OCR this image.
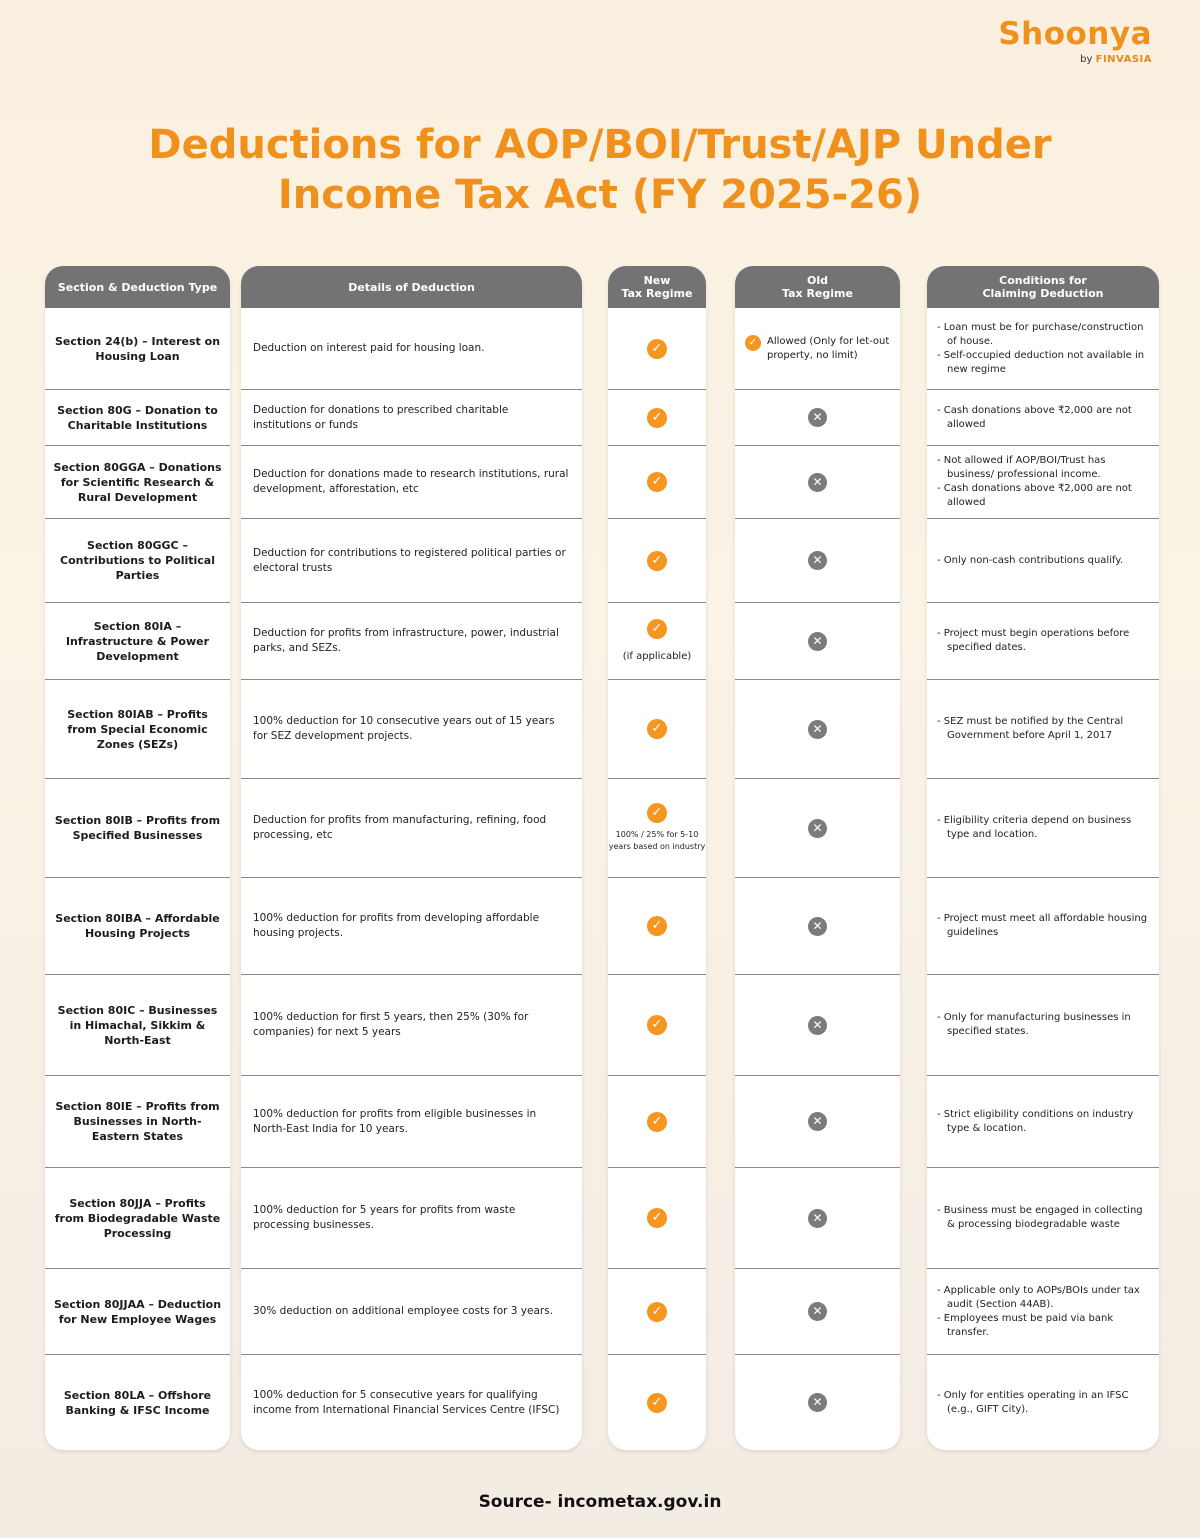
Shoonya
by FINVASIA
Deductions for AOP/BOI/Trust/AJP Under
Income Tax Act (FY 2025-26)
Section & Deduction Type
Section 24(b) – Interest on Housing Loan
Section 80G – Donation to Charitable Institutions
Section 80GGA – Donations for Scientific Research & Rural Development
Section 80GGC – Contributions to Political Parties
Section 80IA – Infrastructure & Power Development
Section 80IAB – Profits from Special Economic Zones (SEZs)
Section 80IB – Profits from Specified Businesses
Section 80IBA – Affordable Housing Projects
Section 80IC – Businesses in Himachal, Sikkim & North-East
Section 80IE – Profits from Businesses in North-Eastern States
Section 80JJA – Profits from Biodegradable Waste Processing
Section 80JJAA – Deduction for New Employee Wages
Section 80LA – Offshore Banking & IFSC Income
Details of Deduction
Deduction on interest paid for housing loan.
Deduction for donations to prescribed charitable institutions or funds
Deduction for donations made to research institutions, rural development, afforestation, etc
Deduction for contributions to registered political parties or electoral trusts
Deduction for profits from infrastructure, power, industrial parks, and SEZs.
100% deduction for 10 consecutive years out of 15 years for SEZ development projects.
Deduction for profits from manufacturing, refining, food processing, etc
100% deduction for profits from developing affordable housing projects.
100% deduction for first 5 years, then 25% (30% for companies) for next 5 years
100% deduction for profits from eligible businesses in North-East India for 10 years.
100% deduction for 5 years for profits from waste processing businesses.
30% deduction on additional employee costs for 3 years.
100% deduction for 5 consecutive years for qualifying income from International Financial Services Centre (IFSC)
New
Tax Regime
✓
✓
✓
✓
✓
(if applicable)
✓
✓
100% / 25% for 5-10 years based on industry
✓
✓
✓
✓
✓
✓
Old
Tax Regime
✓ Allowed (Only for let-out property, no limit)
✕
✕
✕
✕
✕
✕
✕
✕
✕
✕
✕
✕
Conditions for
Claiming Deduction
- Loan must be for purchase/construction of house.
- Self-occupied deduction not available in new regime
- Cash donations above ₹2,000 are not allowed
- Not allowed if AOP/BOI/Trust has business/ professional income.
- Cash donations above ₹2,000 are not allowed
- Only non-cash contributions qualify.
- Project must begin operations before specified dates.
- SEZ must be notified by the Central Government before April 1, 2017
- Eligibility criteria depend on business type and location.
- Project must meet all affordable housing guidelines
- Only for manufacturing businesses in specified states.
- Strict eligibility conditions on industry type & location.
- Business must be engaged in collecting & processing biodegradable waste
- Applicable only to AOPs/BOIs under tax audit (Section 44AB).
- Employees must be paid via bank transfer.
- Only for entities operating in an IFSC (e.g., GIFT City).
Source- incometax.gov.in
